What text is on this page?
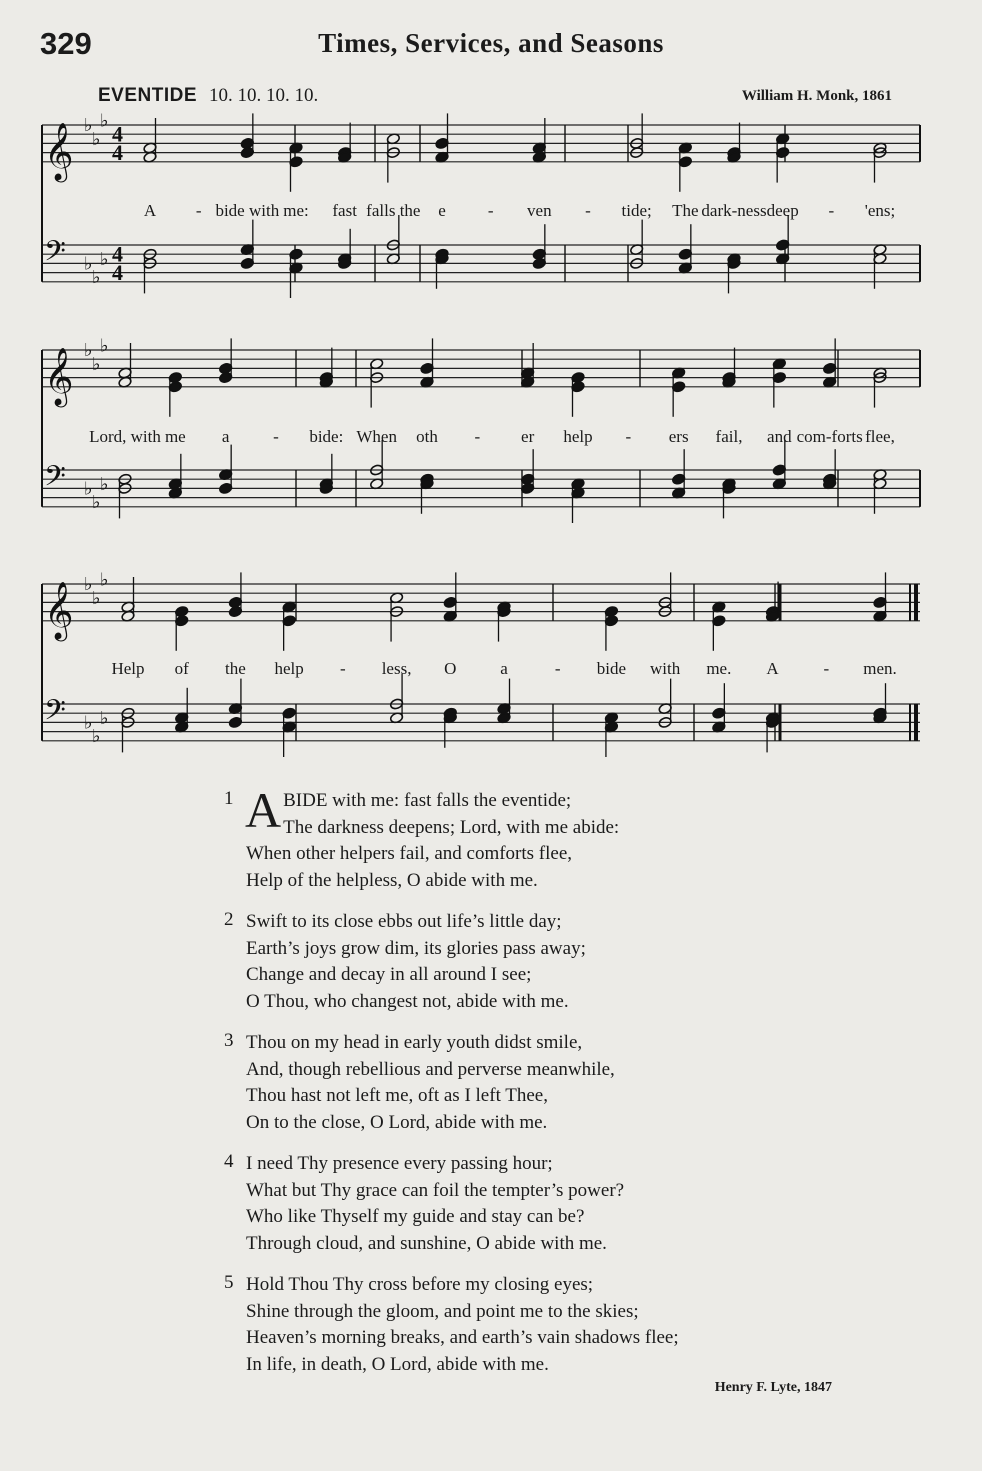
329	Times, Services, and Seasons
EVENTIDE 10. 10. 10. 10.	William H. Monk, 1861
𝄞 ♭
♭
♭
𝄢 ♭
♭
♭
4
4
4
4
A - bide with me: fast falls the e - ven - tide; The dark-ness deep - 'ens;
𝄞 ♭
♭
♭
𝄢 ♭
♭
♭
Lord, with me a	- bide: When oth - er help - ers fail, and com-forts flee,
𝄞 ♭
♭
♭
𝄢 ♭
♭
♭
Help of the help - less, O	a	- bide with me. A	- men.
1 ABIDE with me: fast falls the eventide;
The darkness deepens; Lord, with me abide:
When other helpers fail, and comforts flee,
Help of the helpless, O abide with me.
2 Swift to its close ebbs out life’s little day;
Earth’s joys grow dim, its glories pass away;
Change and decay in all around I see;
O Thou, who changest not, abide with me.
3 Thou on my head in early youth didst smile,
And, though rebellious and perverse meanwhile,
Thou hast not left me, oft as I left Thee,
On to the close, O Lord, abide with me.
4 I need Thy presence every passing hour;
What but Thy grace can foil the tempter’s power?
Who like Thyself my guide and stay can be?
Through cloud, and sunshine, O abide with me.
5 Hold Thou Thy cross before my closing eyes;
Shine through the gloom, and point me to the skies;
Heaven’s morning breaks, and earth’s vain shadows flee;
In life, in death, O Lord, abide with me.
Henry F. Lyte, 1847
